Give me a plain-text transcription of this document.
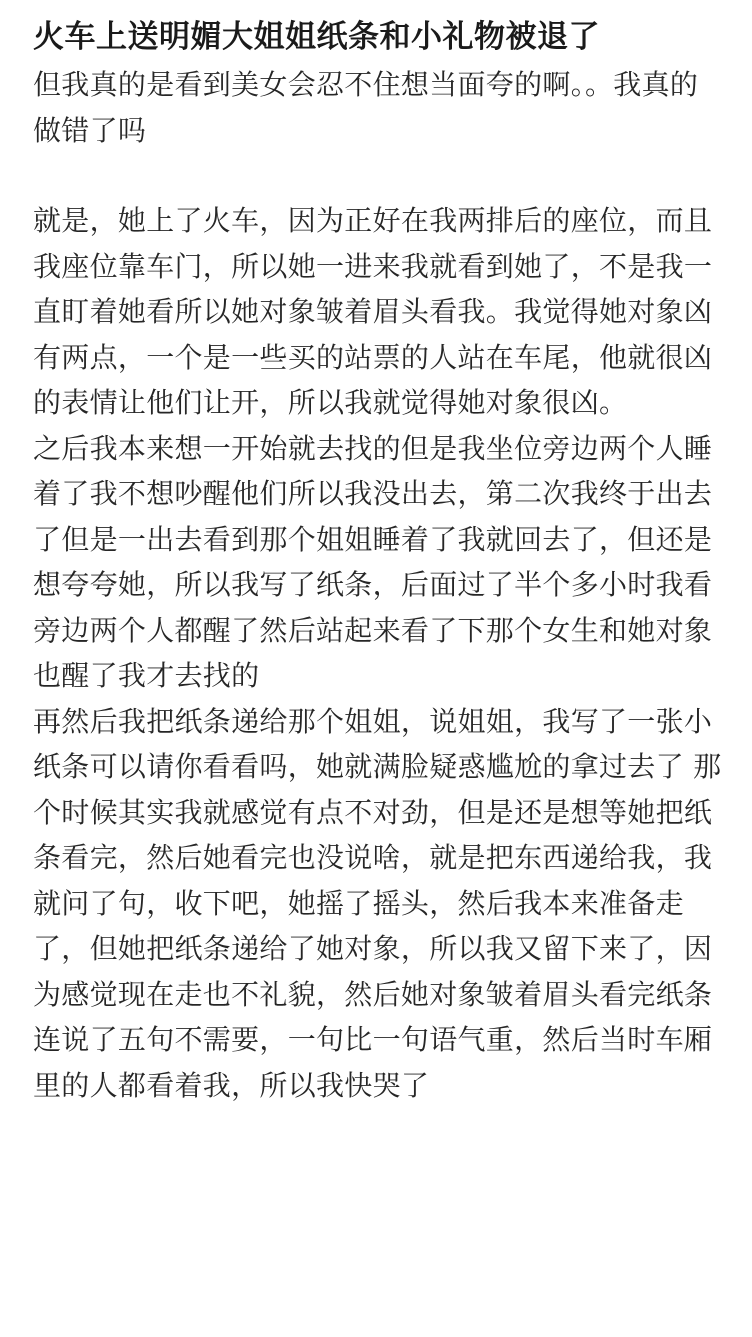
火车上送明媚大姐姐纸条和小礼物被退了

但我真的是看到美女会忍不住想当面夸的啊。。我真的做错了吗

就是，她上了火车，因为正好在我两排后的座位，而且我座位靠车门，所以她一进来我就看到她了，不是我一直盯着她看所以她对象皱着眉头看我。我觉得她对象凶有两点，一个是一些买的站票的人站在车尾，他就很凶的表情让他们让开，所以我就觉得她对象很凶。

之后我本来想一开始就去找的但是我坐位旁边两个人睡着了我不想吵醒他们所以我没出去，第二次我终于出去了但是一出去看到那个姐姐睡着了我就回去了，但还是想夸夸她，所以我写了纸条，后面过了半个多小时我看旁边两个人都醒了然后站起来看了下那个女生和她对象也醒了我才去找的

再然后我把纸条递给那个姐姐，说姐姐，我写了一张小纸条可以请你看看吗，她就满脸疑惑尴尬的拿过去了 那个时候其实我就感觉有点不对劲，但是还是想等她把纸条看完，然后她看完也没说啥，就是把东西递给我，我就问了句，收下吧，她摇了摇头，然后我本来准备走了，但她把纸条递给了她对象，所以我又留下来了，因为感觉现在走也不礼貌，然后她对象皱着眉头看完纸条连说了五句不需要，一句比一句语气重，然后当时车厢里的人都看着我，所以我快哭了
